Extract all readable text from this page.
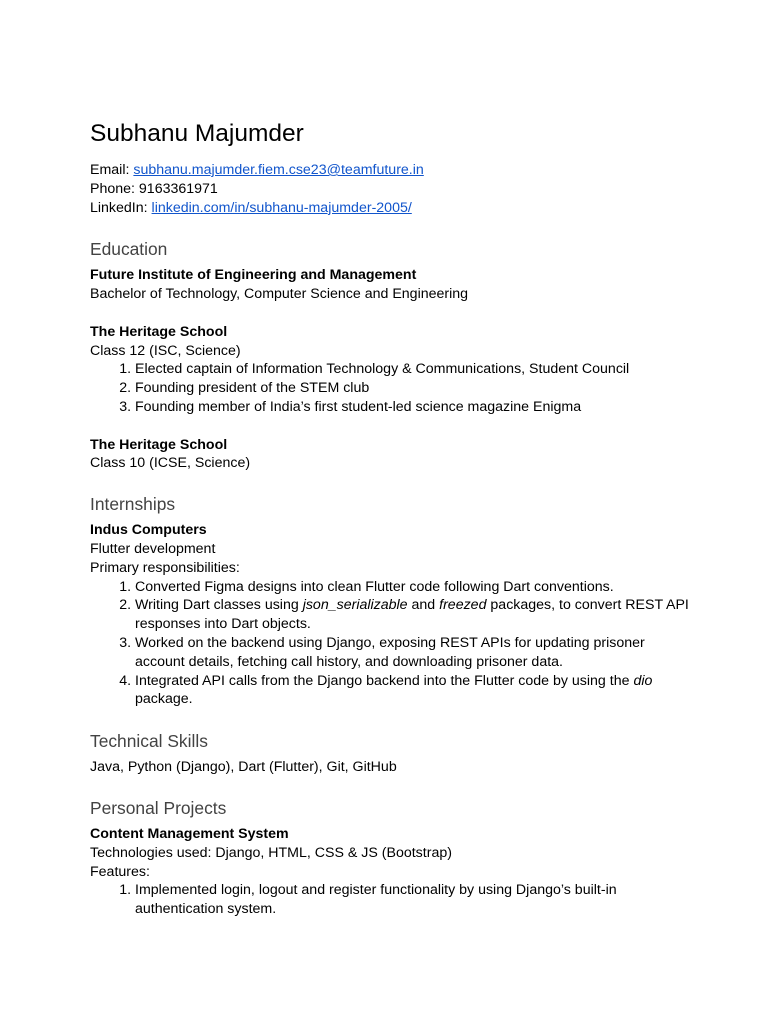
Subhanu Majumder

Email: subhanu.majumder.fiem.cse23@teamfuture.in

Phone: 9163361971

LinkedIn: linkedin.com/in/subhanu-majumder-2005/

Education

Future Institute of Engineering and Management

Bachelor of Technology, Computer Science and Engineering

The Heritage School

Class 12 (ISC, Science)

1. Elected captain of Information Technology & Communications, Student Council
2. Founding president of the STEM club
3. Founding member of India’s first student-led science magazine Enigma

The Heritage School

Class 10 (ICSE, Science)

Internships

Indus Computers

Flutter development

Primary responsibilities:

1. Converted Figma designs into clean Flutter code following Dart conventions.
2. Writing Dart classes using json_serializable and freezed packages, to convert REST API responses into Dart objects.
3. Worked on the backend using Django, exposing REST APIs for updating prisoner account details, fetching call history, and downloading prisoner data.
4. Integrated API calls from the Django backend into the Flutter code by using the dio package.
Technical Skills

Java, Python (Django), Dart (Flutter), Git, GitHub

Personal Projects

Content Management System

Technologies used: Django, HTML, CSS & JS (Bootstrap)

Features:

1. Implemented login, logout and register functionality by using Django’s built-in authentication system.
